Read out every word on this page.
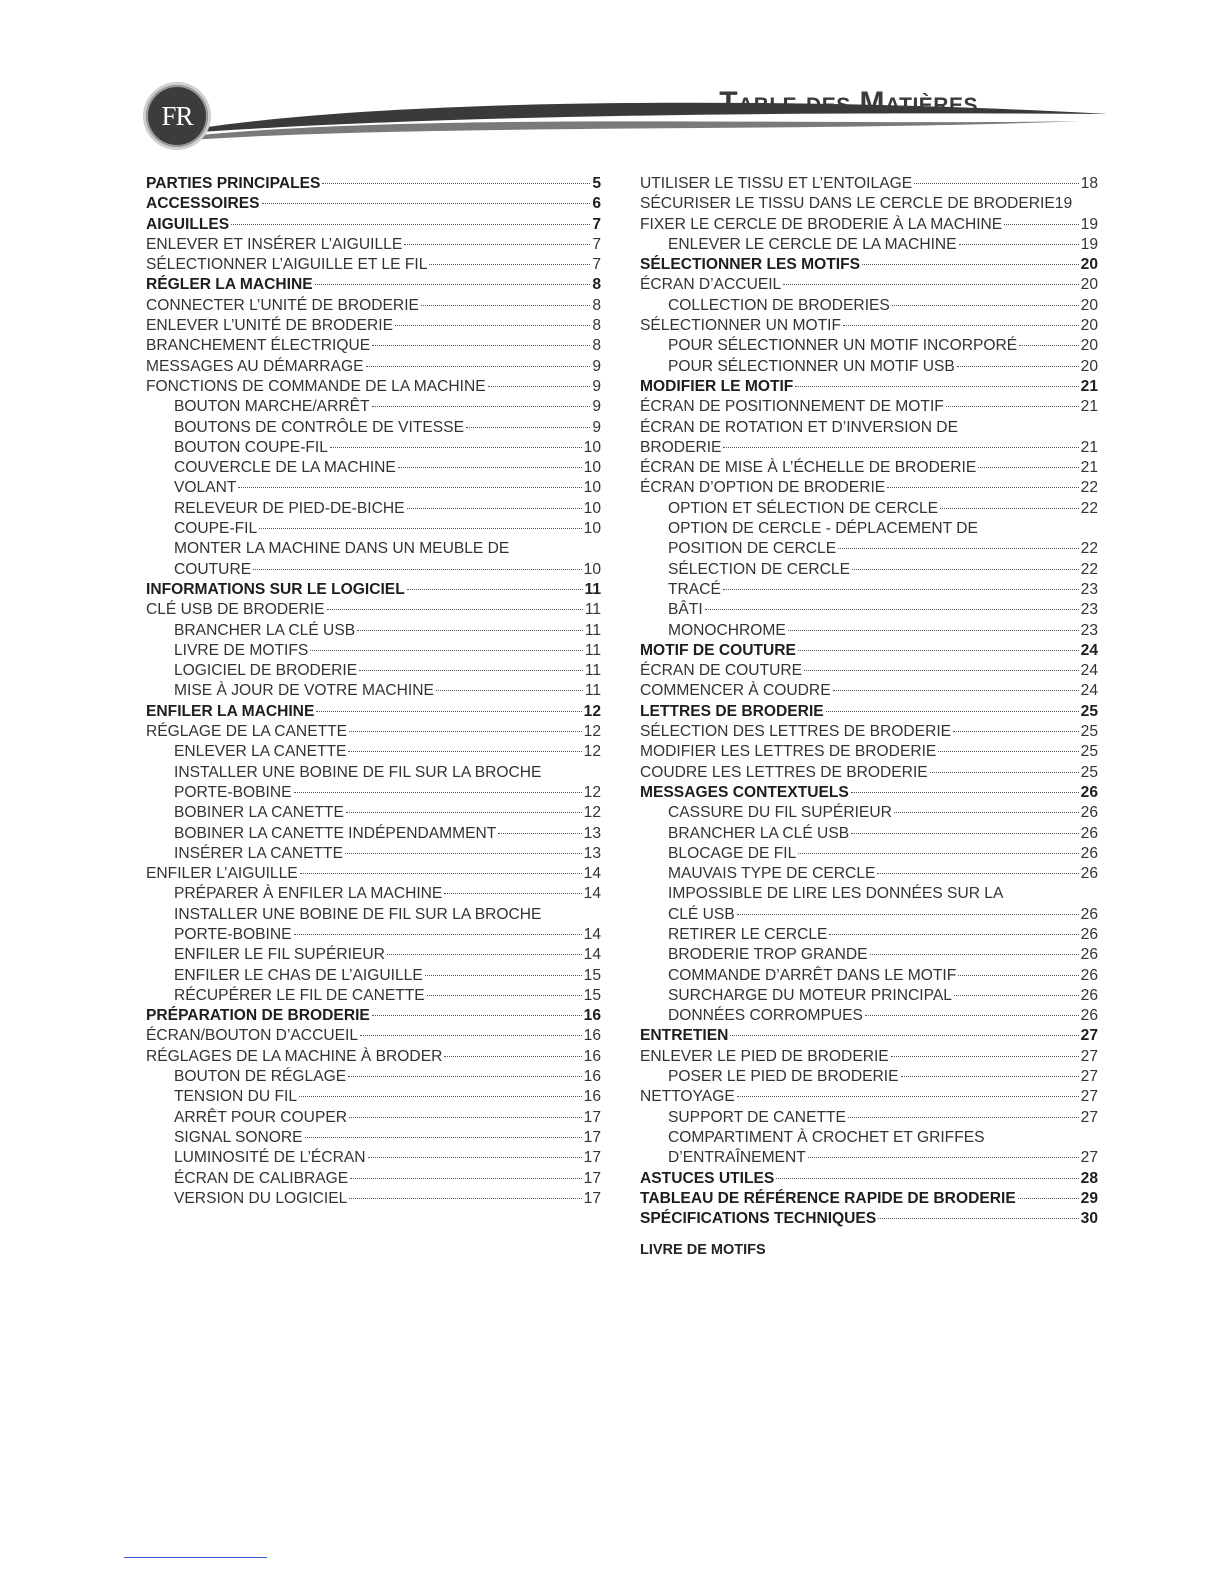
FR	Table des Matières
PARTIES PRINCIPALES	5
ACCESSOIRES	6
AIGUILLES	7
ENLEVER ET INSÉRER L’AIGUILLE	7
SÉLECTIONNER L’AIGUILLE ET LE FIL	7
RÉGLER LA MACHINE	8
CONNECTER L’UNITÉ DE BRODERIE	8
ENLEVER L’UNITÉ DE BRODERIE	8
BRANCHEMENT ÉLECTRIQUE	8
MESSAGES AU DÉMARRAGE	9
FONCTIONS DE COMMANDE DE LA MACHINE	9
BOUTON MARCHE/ARRÊT	9
BOUTONS DE CONTRÔLE DE VITESSE	9
BOUTON COUPE-FIL	10
COUVERCLE DE LA MACHINE	10
VOLANT	10
RELEVEUR DE PIED-DE-BICHE	10
COUPE-FIL	10
MONTER LA MACHINE DANS UN MEUBLE DE
COUTURE	10
INFORMATIONS SUR LE LOGICIEL	11
CLÉ USB DE BRODERIE	11
BRANCHER LA CLÉ USB	11
LIVRE DE MOTIFS	11
LOGICIEL DE BRODERIE	11
MISE À JOUR DE VOTRE MACHINE	11
ENFILER LA MACHINE	12
RÉGLAGE DE LA CANETTE	12
ENLEVER LA CANETTE	12
INSTALLER UNE BOBINE DE FIL SUR LA BROCHE
PORTE-BOBINE	12
BOBINER LA CANETTE	12
BOBINER LA CANETTE INDÉPENDAMMENT	13
INSÉRER LA CANETTE	13
ENFILER L’AIGUILLE	14
PRÉPARER À ENFILER LA MACHINE	14
INSTALLER UNE BOBINE DE FIL SUR LA BROCHE
PORTE-BOBINE	14
ENFILER LE FIL SUPÉRIEUR	14
ENFILER LE CHAS DE L’AIGUILLE	15
RÉCUPÉRER LE FIL DE CANETTE	15
PRÉPARATION DE BRODERIE	16
ÉCRAN/BOUTON D’ACCUEIL	16
RÉGLAGES DE LA MACHINE À BRODER	16
BOUTON DE RÉGLAGE	16
TENSION DU FIL	16
ARRÊT POUR COUPER	17
SIGNAL SONORE	17
LUMINOSITÉ DE L’ÉCRAN	17
ÉCRAN DE CALIBRAGE	17
VERSION DU LOGICIEL	17
UTILISER LE TISSU ET L’ENTOILAGE	18
SÉCURISER LE TISSU DANS LE CERCLE DE BRODERIE 19
FIXER LE CERCLE DE BRODERIE À LA MACHINE	19
ENLEVER LE CERCLE DE LA MACHINE	19
SÉLECTIONNER LES MOTIFS	20
ÉCRAN D’ACCUEIL	20
COLLECTION DE BRODERIES	20
SÉLECTIONNER UN MOTIF	20
POUR SÉLECTIONNER UN MOTIF INCORPORÉ	20
POUR SÉLECTIONNER UN MOTIF USB	20
MODIFIER LE MOTIF	21
ÉCRAN DE POSITIONNEMENT DE MOTIF	21
ÉCRAN DE ROTATION ET D’INVERSION DE
BRODERIE	21
ÉCRAN DE MISE À L’ÉCHELLE DE BRODERIE	21
ÉCRAN D’OPTION DE BRODERIE	22
OPTION ET SÉLECTION DE CERCLE	22
OPTION DE CERCLE - DÉPLACEMENT DE
POSITION DE CERCLE	22
SÉLECTION DE CERCLE	22
TRACÉ	23
BÂTI	23
MONOCHROME	23
MOTIF DE COUTURE	24
ÉCRAN DE COUTURE	24
COMMENCER À COUDRE	24
LETTRES DE BRODERIE	25
SÉLECTION DES LETTRES DE BRODERIE	25
MODIFIER LES LETTRES DE BRODERIE	25
COUDRE LES LETTRES DE BRODERIE	25
MESSAGES CONTEXTUELS	26
CASSURE DU FIL SUPÉRIEUR	26
BRANCHER LA CLÉ USB	26
BLOCAGE DE FIL	26
MAUVAIS TYPE DE CERCLE	26
IMPOSSIBLE DE LIRE LES DONNÉES SUR LA
CLÉ USB	26
RETIRER LE CERCLE	26
BRODERIE TROP GRANDE	26
COMMANDE D’ARRÊT DANS LE MOTIF	26
SURCHARGE DU MOTEUR PRINCIPAL	26
DONNÉES CORROMPUES	26
ENTRETIEN	27
ENLEVER LE PIED DE BRODERIE	27
POSER LE PIED DE BRODERIE	27
NETTOYAGE	27
SUPPORT DE CANETTE	27
COMPARTIMENT À CROCHET ET GRIFFES
D’ENTRAÎNEMENT	27
ASTUCES UTILES	28
TABLEAU DE RÉFÉRENCE RAPIDE DE BRODERIE	29
SPÉCIFICATIONS TECHNIQUES	30
LIVRE DE MOTIFS
